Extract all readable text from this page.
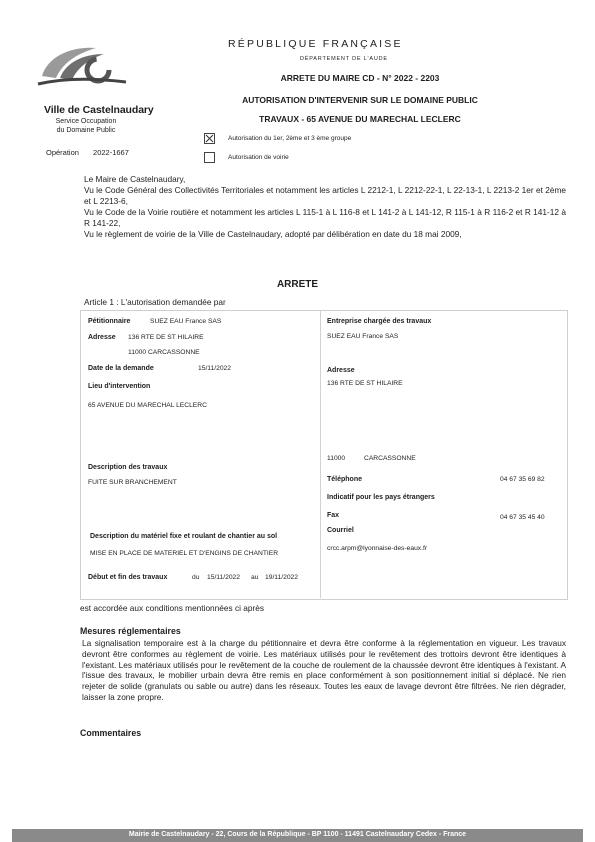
Ville de Castelnaudary
Service Occupation du Domaine Public
Opération 2022-1667
RÉPUBLIQUE FRANÇAISE
DÉPARTEMENT DE L'AUDE
ARRETE DU MAIRE CD - N° 2022 - 2203
AUTORISATION D'INTERVENIR SUR LE DOMAINE PUBLIC
TRAVAUX - 65 AVENUE DU MARECHAL LECLERC
Autorisation du 1er, 2ème et 3 ème groupe
Autorisation de voirie

Le Maire de Castelnaudary,

Vu le Code Général des Collectivités Territoriales et notamment les articles L 2212-1, L 2212-22-1, L 22-13-1, L 2213-2 1er et 2ème et L 2213-6,

Vu le Code de la Voirie routière et notamment les articles L 115-1 à L 116-8 et L 141-2 à L 141-12, R 115-1 à R 116-2 et R 141-12 à R 141-22,

Vu le règlement de voirie de la Ville de Castelnaudary, adopté par délibération en date du 18 mai 2009,

ARRETE
Article 1 : L'autorisation demandée par
Pétitionnaire	SUEZ EAU France SAS
Adresse 136 RTE DE ST HILAIRE
11000 CARCASSONNE
Date de la demande	15/11/2022
Lieu d'intervention
65 AVENUE DU MARECHAL LECLERC
Description des travaux
FUITE SUR BRANCHEMENT
Description du matériel fixe et roulant de chantier au sol
MISE EN PLACE DE MATERIEL ET D'ENGINS DE CHANTIER
Début et fin des travaux	du 15/11/2022 au 19/11/2022
Entreprise chargée des travaux
SUEZ EAU France SAS
Adresse
136 RTE DE ST HILAIRE
11000	CARCASSONNE
Téléphone	04 67 35 69 82
Indicatif pour les pays étrangers
Fax	04 67 35 45 40
Courriel
crcc.arpm@lyonnaise-des-eaux.fr
est accordée aux conditions mentionnées ci après
Mesures réglementaires
La signalisation temporaire est à la charge du pétitionnaire et devra être conforme à la réglementation en vigueur. Les travaux devront être conformes au règlement de voirie. Les matériaux utilisés pour le revêtement des trottoirs devront être identiques à l'existant. Les matériaux utilisés pour le revêtement de la couche de roulement de la chaussée devront être identiques à l'existant. A l'issue des travaux, le mobilier urbain devra être remis en place conformément à son positionnement initial si déplacé. Ne rien rejeter de solide (granulats ou sable ou autre) dans les réseaux. Toutes les eaux de lavage devront être filtrées. Ne rien dégrader, laisser la zone propre.
Commentaires
Mairie de Castelnaudary - 22, Cours de la République - BP 1100 - 11491 Castelnaudary Cedex - France
